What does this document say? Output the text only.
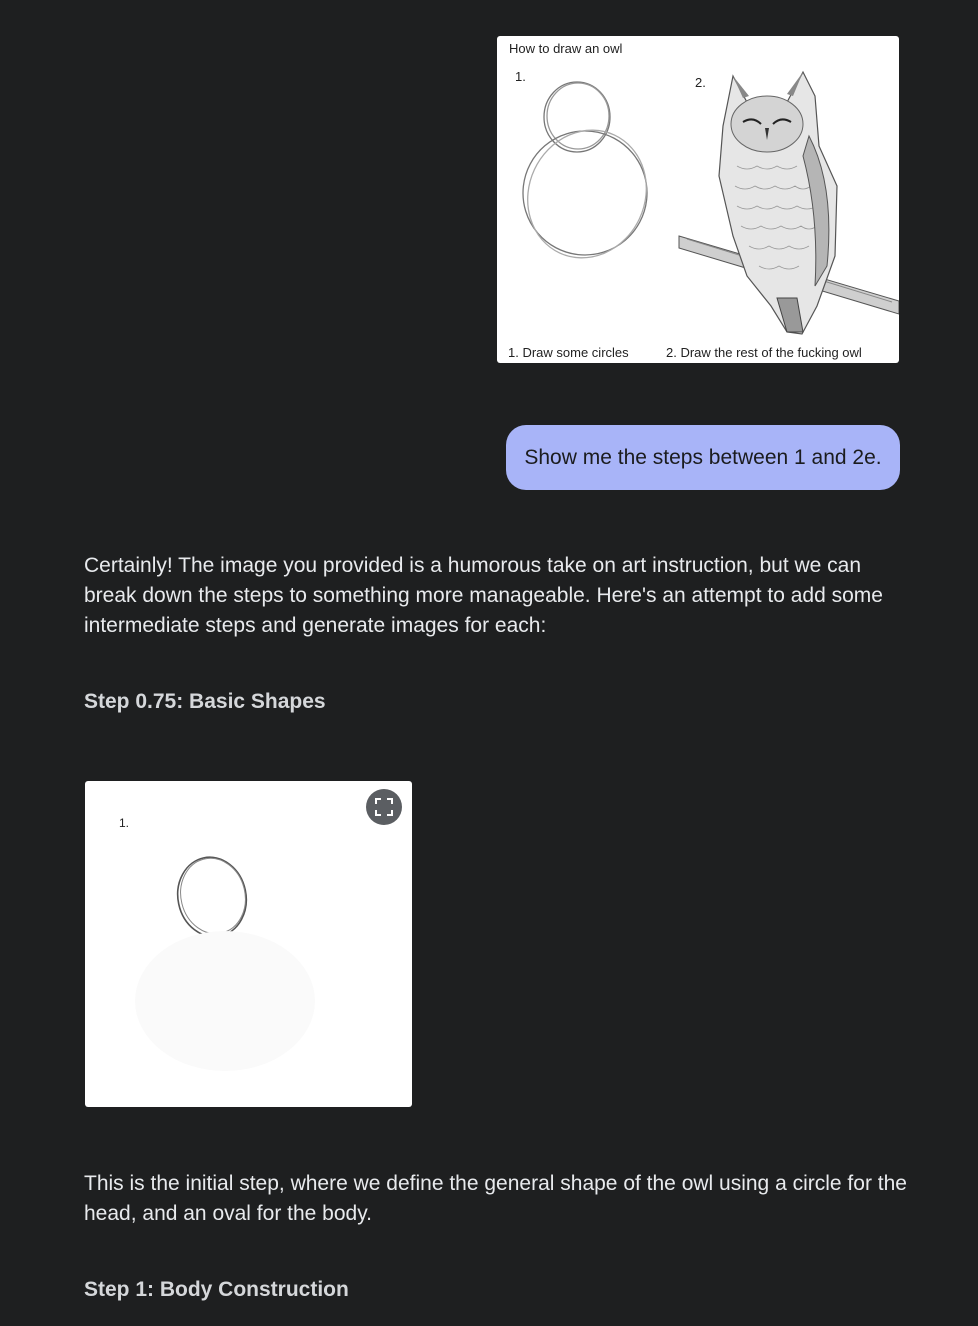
How to draw an owl
1.	2.
1. Draw some circles	2. Draw the rest of the fucking owl
Show me the steps between 1 and 2e.

Certainly! The image you provided is a humorous take on art instruction, but we can break down the steps to something more manageable. Here's an attempt to add some intermediate steps and generate images for each:

Step 0.75: Basic Shapes
1.

This is the initial step, where we define the general shape of the owl using a circle for the head, and an oval for the body.

Step 1: Body Construction
